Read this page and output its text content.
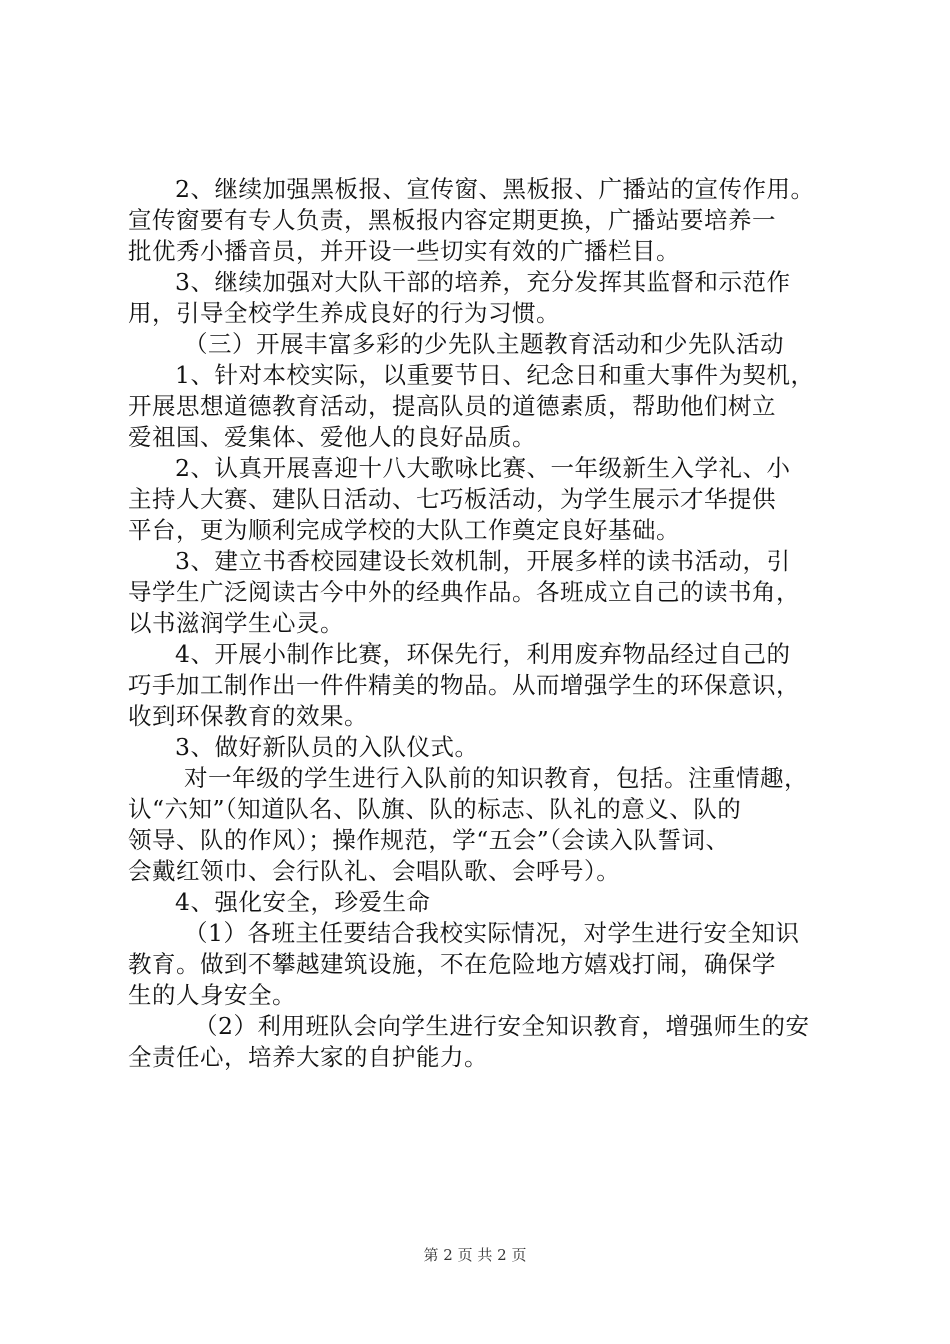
2、继续加强黑板报、宣传窗、黑板报、广播站的宣传作用。
宣传窗要有专人负责，黑板报内容定期更换，广播站要培养一
批优秀小播音员，并开设一些切实有效的广播栏目。
3、继续加强对大队干部的培养，充分发挥其监督和示范作
用，引导全校学生养成良好的行为习惯。
（三）开展丰富多彩的少先队主题教育活动和少先队活动
1、针对本校实际，以重要节日、纪念日和重大事件为契机，
开展思想道德教育活动，提高队员的道德素质，帮助他们树立
爱祖国、爱集体、爱他人的良好品质。
2、认真开展喜迎十八大歌咏比赛、一年级新生入学礼、小
主持人大赛、建队日活动、七巧板活动，为学生展示才华提供
平台，更为顺利完成学校的大队工作奠定良好基础。
3、建立书香校园建设长效机制，开展多样的读书活动，引
导学生广泛阅读古今中外的经典作品。各班成立自己的读书角，
以书滋润学生心灵。
4、开展小制作比赛，环保先行，利用废弃物品经过自己的
巧手加工制作出一件件精美的物品。从而增强学生的环保意识，
收到环保教育的效果。
3、做好新队员的入队仪式。
对一年级的学生进行入队前的知识教育，包括。注重情趣，
认“六知”（知道队名、队旗、队的标志、队礼的意义、队的
领导、队的作风）；操作规范，学“五会”（会读入队誓词、
会戴红领巾、会行队礼、会唱队歌、会呼号）。
4、强化安全，珍爱生命
（1）各班主任要结合我校实际情况，对学生进行安全知识
教育。做到不攀越建筑设施，不在危险地方嬉戏打闹，确保学
生的人身安全。
（2）利用班队会向学生进行安全知识教育，增强师生的安
全责任心，培养大家的自护能力。
第 2 页 共 2 页
